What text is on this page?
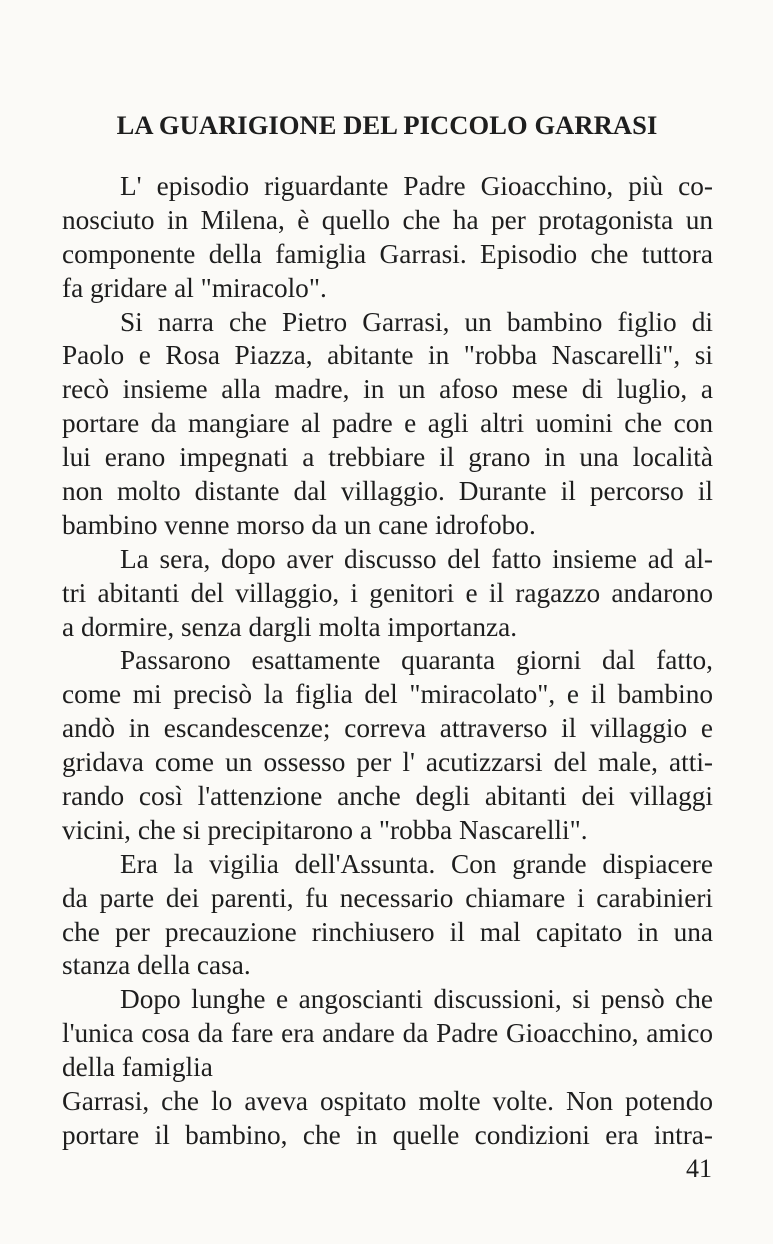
LA GUARIGIONE DEL PICCOLO GARRASI
L' episodio riguardante Padre Gioacchino, più co-
nosciuto in Milena, è quello che ha per protagonista un
componente della famiglia Garrasi. Episodio che tuttora
fa gridare al "miracolo".
Si narra che Pietro Garrasi, un bambino figlio di
Paolo e Rosa Piazza, abitante in "robba Nascarelli", si
recò insieme alla madre, in un afoso mese di luglio, a
portare da mangiare al padre e agli altri uomini che con
lui erano impegnati a trebbiare il grano in una località
non molto distante dal villaggio. Durante il percorso il
bambino venne morso da un cane idrofobo.
La sera, dopo aver discusso del fatto insieme ad al-
tri abitanti del villaggio, i genitori e il ragazzo andarono
a dormire, senza dargli molta importanza.
Passarono esattamente quaranta giorni dal fatto,
come mi precisò la figlia del "miracolato", e il bambino
andò in escandescenze; correva attraverso il villaggio e
gridava come un ossesso per l' acutizzarsi del male, atti-
rando così l'attenzione anche degli abitanti dei villaggi
vicini, che si precipitarono a "robba Nascarelli".
Era la vigilia dell'Assunta. Con grande dispiacere
da parte dei parenti, fu necessario chiamare i carabinieri
che per precauzione rinchiusero il mal capitato in una
stanza della casa.
Dopo lunghe e angoscianti discussioni, si pensò che
l'unica cosa da fare era andare da Padre Gioacchino, amico
della famiglia
Garrasi, che lo aveva ospitato molte volte. Non potendo
portare il bambino, che in quelle condizioni era intra-
41
